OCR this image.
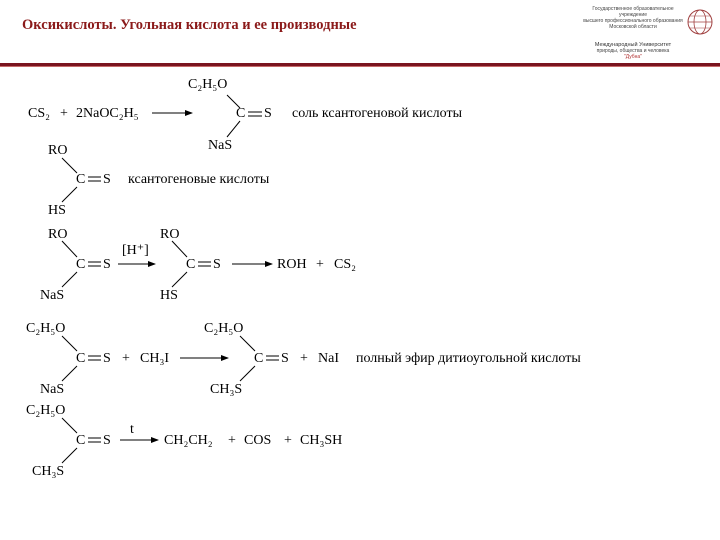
Оксикислоты. Угольная кислота и ее производные
Государственное образовательное учреждение
высшего профессионального образования
Московской области
Международный Университет
природы, общества и человека
"Дубна"
CS₂ + 2NaOC₂H₅
C₂H₅O
C S
NaS
соль ксантогеновой кислоты
RO
C S
HS
ксантогеновые кислоты
RO
C S
NaS
[H⁺]
RO
C S
HS
ROH + CS₂
C₂H₅O
C S
NaS
+ CH₃I
C₂H₅O
C S
CH₃S
+ NaI полный эфир дитиоугольной кислоты
C₂H₅O
C S
CH₃S
t
CH₂CH₂ + COS + CH₃SH
